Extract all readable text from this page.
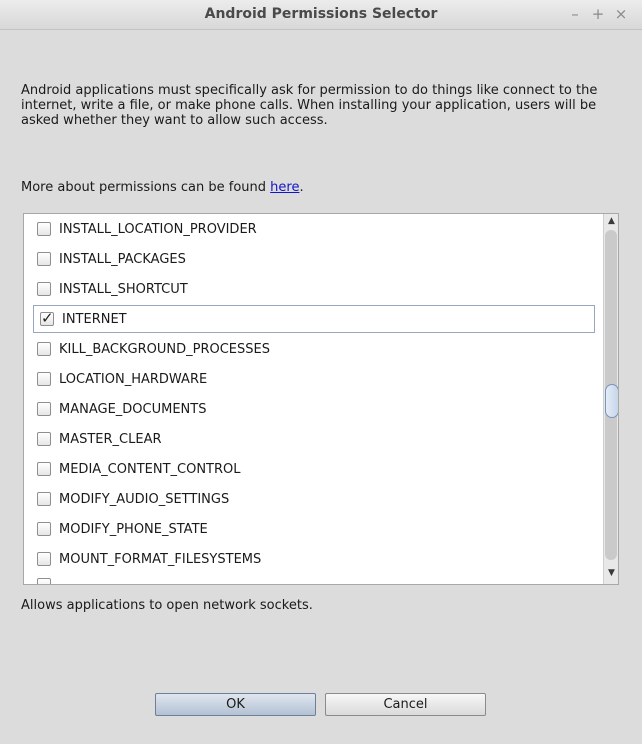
Android Permissions Selector	– + ×
Android applications must specifically ask for permission to do things like connect to the internet, write a file, or make phone calls. When installing your application, users will be asked whether they want to allow such access.
More about permissions can be found here.
INSTALL_LOCATION_PROVIDER
INSTALL_PACKAGES
INSTALL_SHORTCUT
✓ INTERNET
KILL_BACKGROUND_PROCESSES
LOCATION_HARDWARE
MANAGE_DOCUMENTS
MASTER_CLEAR
MEDIA_CONTENT_CONTROL
MODIFY_AUDIO_SETTINGS
MODIFY_PHONE_STATE
MOUNT_FORMAT_FILESYSTEMS
▲
▼
Allows applications to open network sockets.
OK	Cancel
